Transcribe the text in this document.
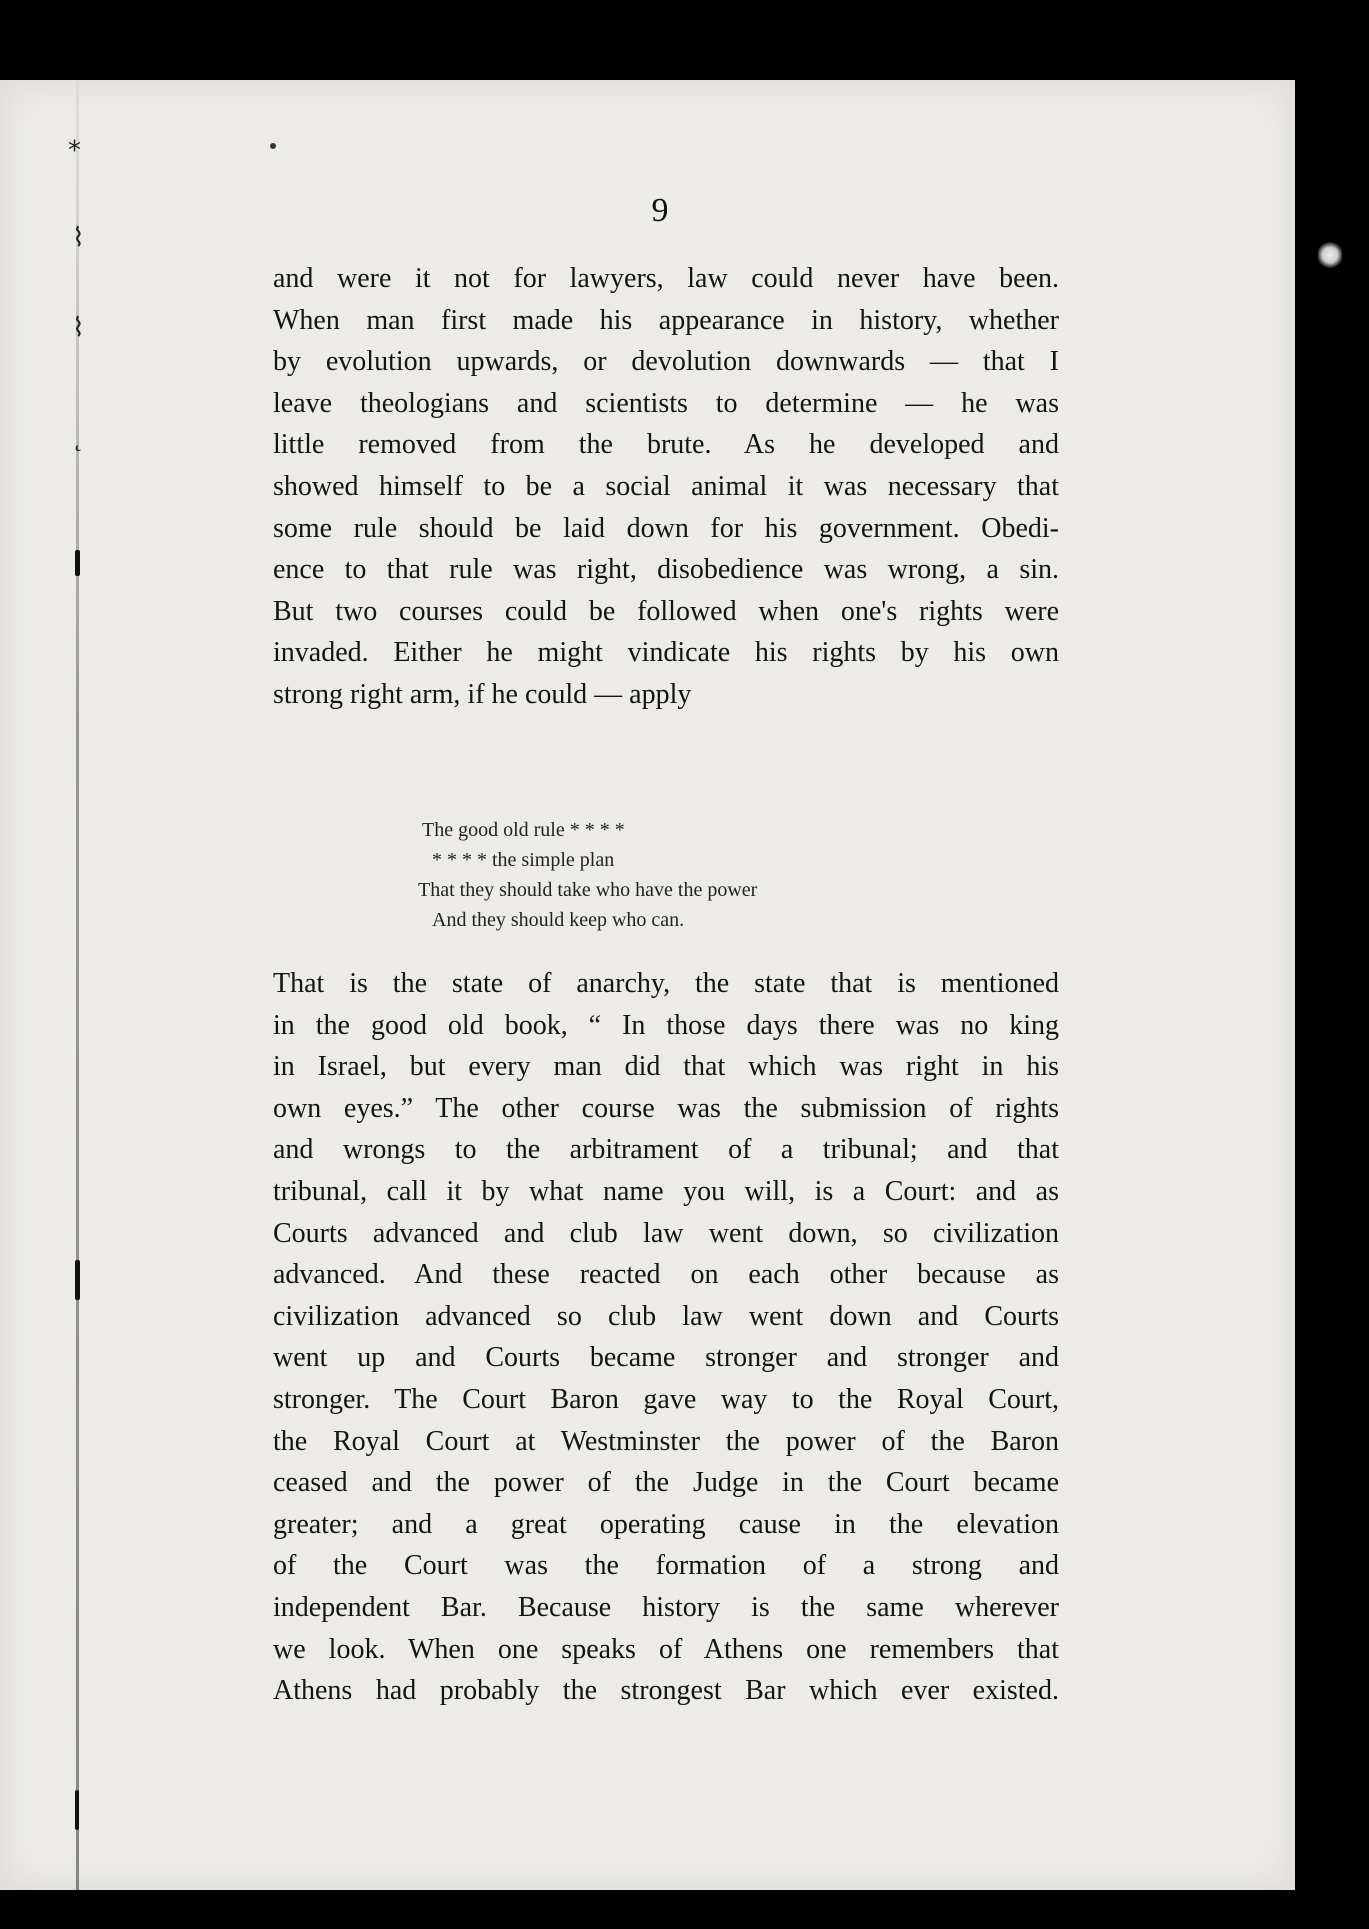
⁎
⌇
⌇
˛
9
and were it not for lawyers, law could never have been.
When man first made his appearance in history, whether
by evolution upwards, or devolution downwards — that I
leave theologians and scientists to determine — he was
little removed from the brute. As he developed and
showed himself to be a social animal it was necessary that
some rule should be laid down for his government. Obedi-
ence to that rule was right, disobedience was wrong, a sin.
But two courses could be followed when one's rights were
invaded. Either he might vindicate his rights by his own
strong right arm, if he could — apply
The good old rule * * * *
* * * * the simple plan
That they should take who have the power
And they should keep who can.
That is the state of anarchy, the state that is mentioned
in the good old book, “ In those days there was no king
in Israel, but every man did that which was right in his
own eyes.” The other course was the submission of rights
and wrongs to the arbitrament of a tribunal; and that
tribunal, call it by what name you will, is a Court: and as
Courts advanced and club law went down, so civilization
advanced. And these reacted on each other because as
civilization advanced so club law went down and Courts
went up and Courts became stronger and stronger and
stronger. The Court Baron gave way to the Royal Court,
the Royal Court at Westminster the power of the Baron
ceased and the power of the Judge in the Court became
greater; and a great operating cause in the elevation
of the Court was the formation of a strong and
independent Bar. Because history is the same wherever
we look. When one speaks of Athens one remembers that
Athens had probably the strongest Bar which ever existed.
